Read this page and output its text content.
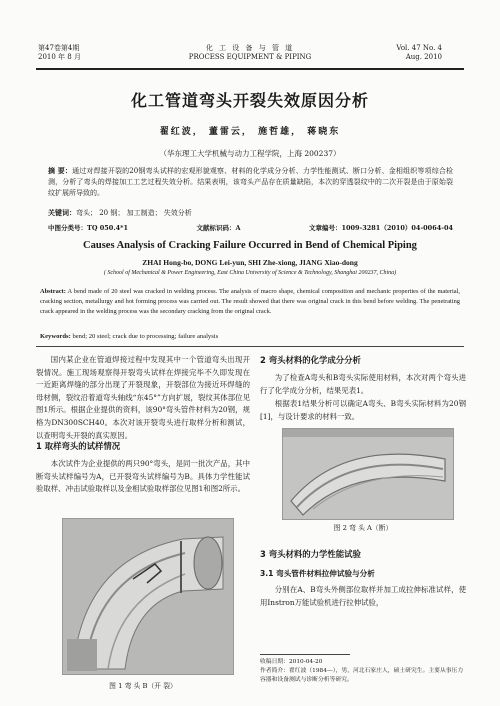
第47卷第4期
2010 年 8 月
化 工 设 备 与 管 道
PROCESS EQUIPMENT & PIPING
Vol. 47 No. 4
Aug. 2010
化工管道弯头开裂失效原因分析
翟红波， 董雷云， 施哲雄， 蒋晓东
（华东理工大学机械与动力工程学院，上海 200237）
摘 要：通过对焊接开裂的20钢弯头试样的宏观形貌观察、材料的化学成分分析、力学性能测试、断口分析、金相组织等项综合检测，分析了弯头的焊接加工工艺过程失效分析。结果表明，该弯头产品存在质量缺陷，本次的穿透裂纹中的二次开裂是由于原始裂纹扩展所导致的。
关键词：弯头； 20 钢； 加工制造； 失效分析
中图分类号：TQ 050.4*1	文献标识码：A	文章编号：1009-3281（2010）04-0064-04
Causes Analysis of Cracking Failure Occurred in Bend of Chemical Piping
ZHAI Hong-bo, DONG Lei-yun, SHI Zhe-xiong, JIANG Xiao-dong
( School of Mechanical & Power Engineering, East China University of Science & Technology, Shanghai 200237, China)
Abstract: A bend made of 20 steel was cracked in welding process. The analysis of macro shape, chemical composition and mechanic properties of the material, cracking section, metallurgy and hot forming process was carried out. The result showed that there was original crack in this bend before welding. The penetrating crack appeared in the welding process was the secondary cracking from the original crack.
Keywords: bend; 20 steel; crack due to processing; failure analysis
国内某企业在管道焊接过程中发现其中一个管道弯头出现开裂情况。施工现场观察得开裂弯头试样在焊接完毕不久即发现在一近距离焊缝的部分出现了开裂现象，开裂部位为接近环焊缝的母材侧，裂纹沿着道弯头轴线“东45°”方向扩展，裂纹其体部位见图1所示。根据企业提供的资料，该90°弯头管件材料为20钢，规格为DN300SCH40。本次对该开裂弯头进行取样分析和测试，以查明弯头开裂的真实原因。
1 取样弯头的试样情况
本次试件为企业提供的两只90°弯头，是同一批次产品，其中断弯头试样编号为A，已开裂弯头试样编号为B。具体力学性能试验取样、冲击试验取样以及金相试验取样部位见图1和图2所示。
图 1 弯 头 B（开 裂）
2 弯头材料的化学成分分析
为了检查A弯头和B弯头实际使用材料，本次对两个弯头进行了化学成分分析，结果见表1。
根据表1结果分析可以确定A弯头、B弯头实际材料为20钢[1]，与设计要求的材料一致。
图 2 弯 头 A（断）
3 弯头材料的力学性能试验
3.1 弯头管件材料拉伸试验与分析
分别在A、B弯头外侧部位取样并加工成拉伸标准试样，使用Instron万能试验机进行拉伸试验，
收稿日期：2010-04-20
作者简介：翟红波（1984—），男，河北石家庄人，硕士研究生。主要从事压力容器和设备测试与诊断分析等研究。
